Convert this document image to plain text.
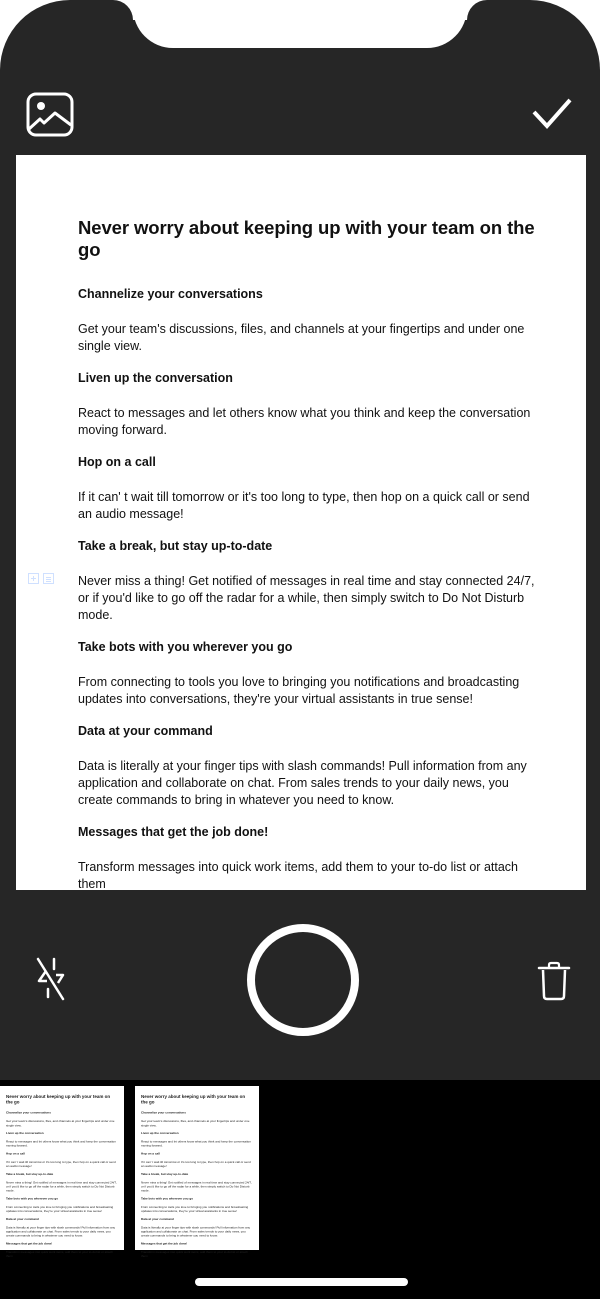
Never worry about keeping up with your team on the go
Channelize your conversations

Get your team's discussions, files, and channels at your fingertips and under one single view.

Liven up the conversation

React to messages and let others know what you think and keep the conversation moving forward.

Hop on a call

If it can' t wait till tomorrow or it's too long to type, then hop on a quick call or send an audio message!

Take a break, but stay up-to-date

Never miss a thing! Get notified of messages in real time and stay connected 24/7, or if you'd like to go off the radar for a while, then simply switch to Do Not Disturb mode.

Take bots with you wherever you go

From connecting to tools you love to bringing you notifications and broadcasting updates into conversations, they're your virtual assistants in true sense!

Data at your command

Data is literally at your finger tips with slash commands! Pull information from any application and collaborate on chat. From sales trends to your daily news, you create commands to bring in whatever you need to know.

Messages that get the job done!

Transform messages into quick work items, add them to your to-do list or attach them

Never worry about keeping up with your team on the go
Channelize your conversations

Get your team's discussions, files, and channels at your fingertips and under one single view.

Liven up the conversation

React to messages and let others know what you think and keep the conversation moving forward.

Hop on a call

If it can' t wait till tomorrow or it's too long to type, then hop on a quick call or send an audio message!

Take a break, but stay up-to-date

Never miss a thing! Get notified of messages in real time and stay connected 24/7, or if you'd like to go off the radar for a while, then simply switch to Do Not Disturb mode.

Take bots with you wherever you go

From connecting to tools you love to bringing you notifications and broadcasting updates into conversations, they're your virtual assistants in true sense!

Data at your command

Data is literally at your finger tips with slash commands! Pull information from any application and collaborate on chat. From sales trends to your daily news, you create commands to bring in whatever you need to know.

Messages that get the job done!

Transform messages into quick work items, add them to your to-do list or attach them

Never worry about keeping up with your team on the go
Channelize your conversations

Get your team's discussions, files, and channels at your fingertips and under one single view.

Liven up the conversation

React to messages and let others know what you think and keep the conversation moving forward.

Hop on a call

If it can' t wait till tomorrow or it's too long to type, then hop on a quick call or send an audio message!

Take a break, but stay up-to-date

Never miss a thing! Get notified of messages in real time and stay connected 24/7, or if you'd like to go off the radar for a while, then simply switch to Do Not Disturb mode.

Take bots with you wherever you go

From connecting to tools you love to bringing you notifications and broadcasting updates into conversations, they're your virtual assistants in true sense!

Data at your command

Data is literally at your finger tips with slash commands! Pull information from any application and collaborate on chat. From sales trends to your daily news, you create commands to bring in whatever you need to know.

Messages that get the job done!

Transform messages into quick work items, add them to your to-do list or attach them
